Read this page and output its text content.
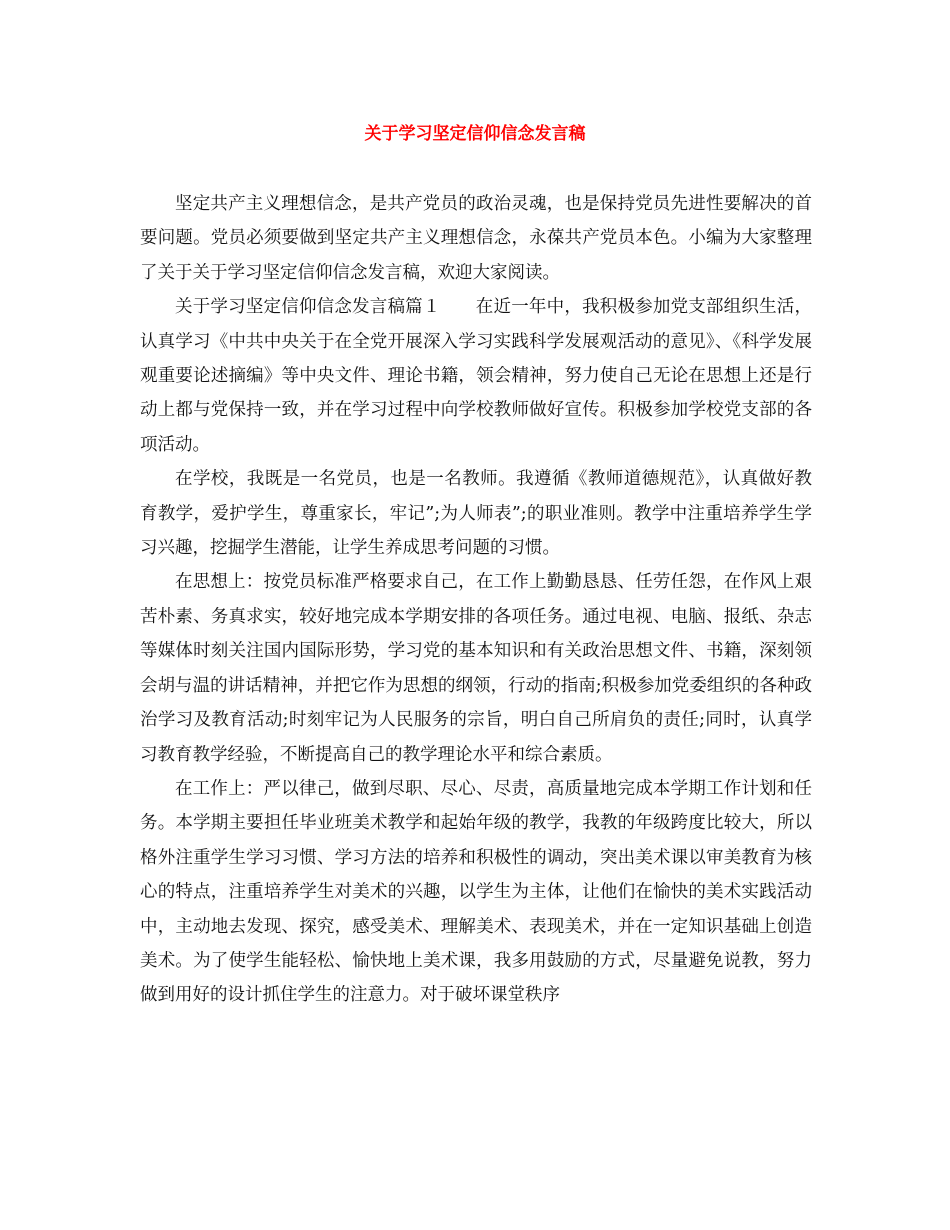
关于学习坚定信仰信念发言稿

坚定共产主义理想信念，是共产党员的政治灵魂，也是保持党员先进性要解决的首要问题。党员必须要做到坚定共产主义理想信念，永葆共产党员本色。小编为大家整理了关于关于学习坚定信仰信念发言稿，欢迎大家阅读。

关于学习坚定信仰信念发言稿篇１ 在近一年中，我积极参加党支部组织生活，认真学习《中共中央关于在全党开展深入学习实践科学发展观活动的意见》、《科学发展观重要论述摘编》等中央文件、理论书籍，领会精神，努力使自己无论在思想上还是行动上都与党保持一致，并在学习过程中向学校教师做好宣传。积极参加学校党支部的各项活动。

在学校，我既是一名党员，也是一名教师。我遵循《教师道德规范》，认真做好教育教学，爱护学生，尊重家长，牢记”;为人师表”;的职业准则。教学中注重培养学生学习兴趣，挖掘学生潜能，让学生养成思考问题的习惯。

在思想上：按党员标准严格要求自己，在工作上勤勤恳恳、任劳任怨，在作风上艰苦朴素、务真求实，较好地完成本学期安排的各项任务。通过电视、电脑、报纸、杂志等媒体时刻关注国内国际形势，学习党的基本知识和有关政治思想文件、书籍，深刻领会胡与温的讲话精神，并把它作为思想的纲领，行动的指南;积极参加党委组织的各种政治学习及教育活动;时刻牢记为人民服务的宗旨，明白自己所肩负的责任;同时，认真学习教育教学经验，不断提高自己的教学理论水平和综合素质。

在工作上：严以律己，做到尽职、尽心、尽责，高质量地完成本学期工作计划和任务。本学期主要担任毕业班美术教学和起始年级的教学，我教的年级跨度比较大，所以格外注重学生学习习惯、学习方法的培养和积极性的调动，突出美术课以审美教育为核心的特点，注重培养学生对美术的兴趣，以学生为主体，让他们在愉快的美术实践活动中，主动地去发现、探究，感受美术、理解美术、表现美术，并在一定知识基础上创造美术。为了使学生能轻松、愉快地上美术课，我多用鼓励的方式，尽量避免说教，努力做到用好的设计抓住学生的注意力。对于破坏课堂秩序
